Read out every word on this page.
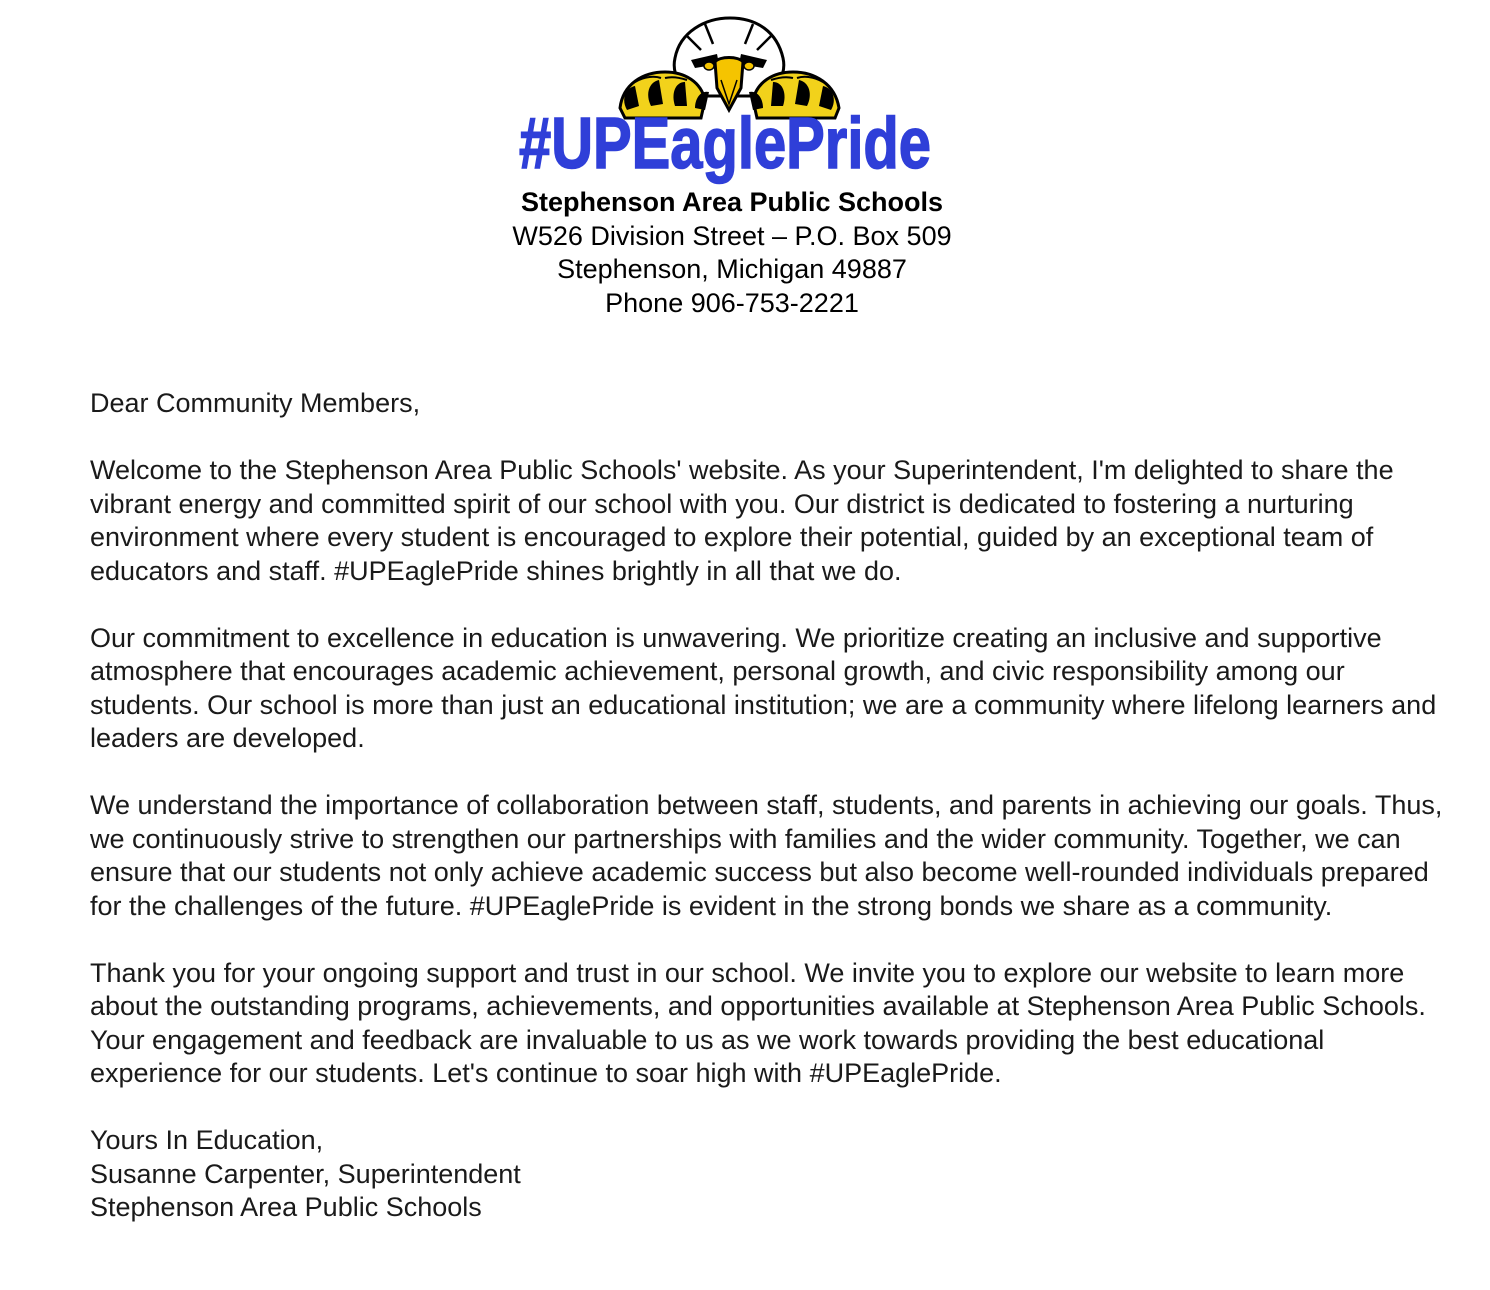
#UPEaglePride
Stephenson Area Public Schools
W526 Division Street – P.O. Box 509
Stephenson, Michigan 49887
Phone 906-753-2221

Dear Community Members,

Welcome to the Stephenson Area Public Schools' website. As your Superintendent, I'm delighted to share the vibrant energy and committed spirit of our school with you. Our district is dedicated to fostering a nurturing environment where every student is encouraged to explore their potential, guided by an exceptional team of educators and staff. #UPEaglePride shines brightly in all that we do.

Our commitment to excellence in education is unwavering. We prioritize creating an inclusive and supportive atmosphere that encourages academic achievement, personal growth, and civic responsibility among our students. Our school is more than just an educational institution; we are a community where lifelong learners and leaders are developed.

We understand the importance of collaboration between staff, students, and parents in achieving our goals. Thus, we continuously strive to strengthen our partnerships with families and the wider community. Together, we can ensure that our students not only achieve academic success but also become well-rounded individuals prepared for the challenges of the future. #UPEaglePride is evident in the strong bonds we share as a community.

Thank you for your ongoing support and trust in our school. We invite you to explore our website to learn more about the outstanding programs, achievements, and opportunities available at Stephenson Area Public Schools. Your engagement and feedback are invaluable to us as we work towards providing the best educational experience for our students. Let's continue to soar high with #UPEaglePride.

Yours In Education,
Susanne Carpenter, Superintendent
Stephenson Area Public Schools
